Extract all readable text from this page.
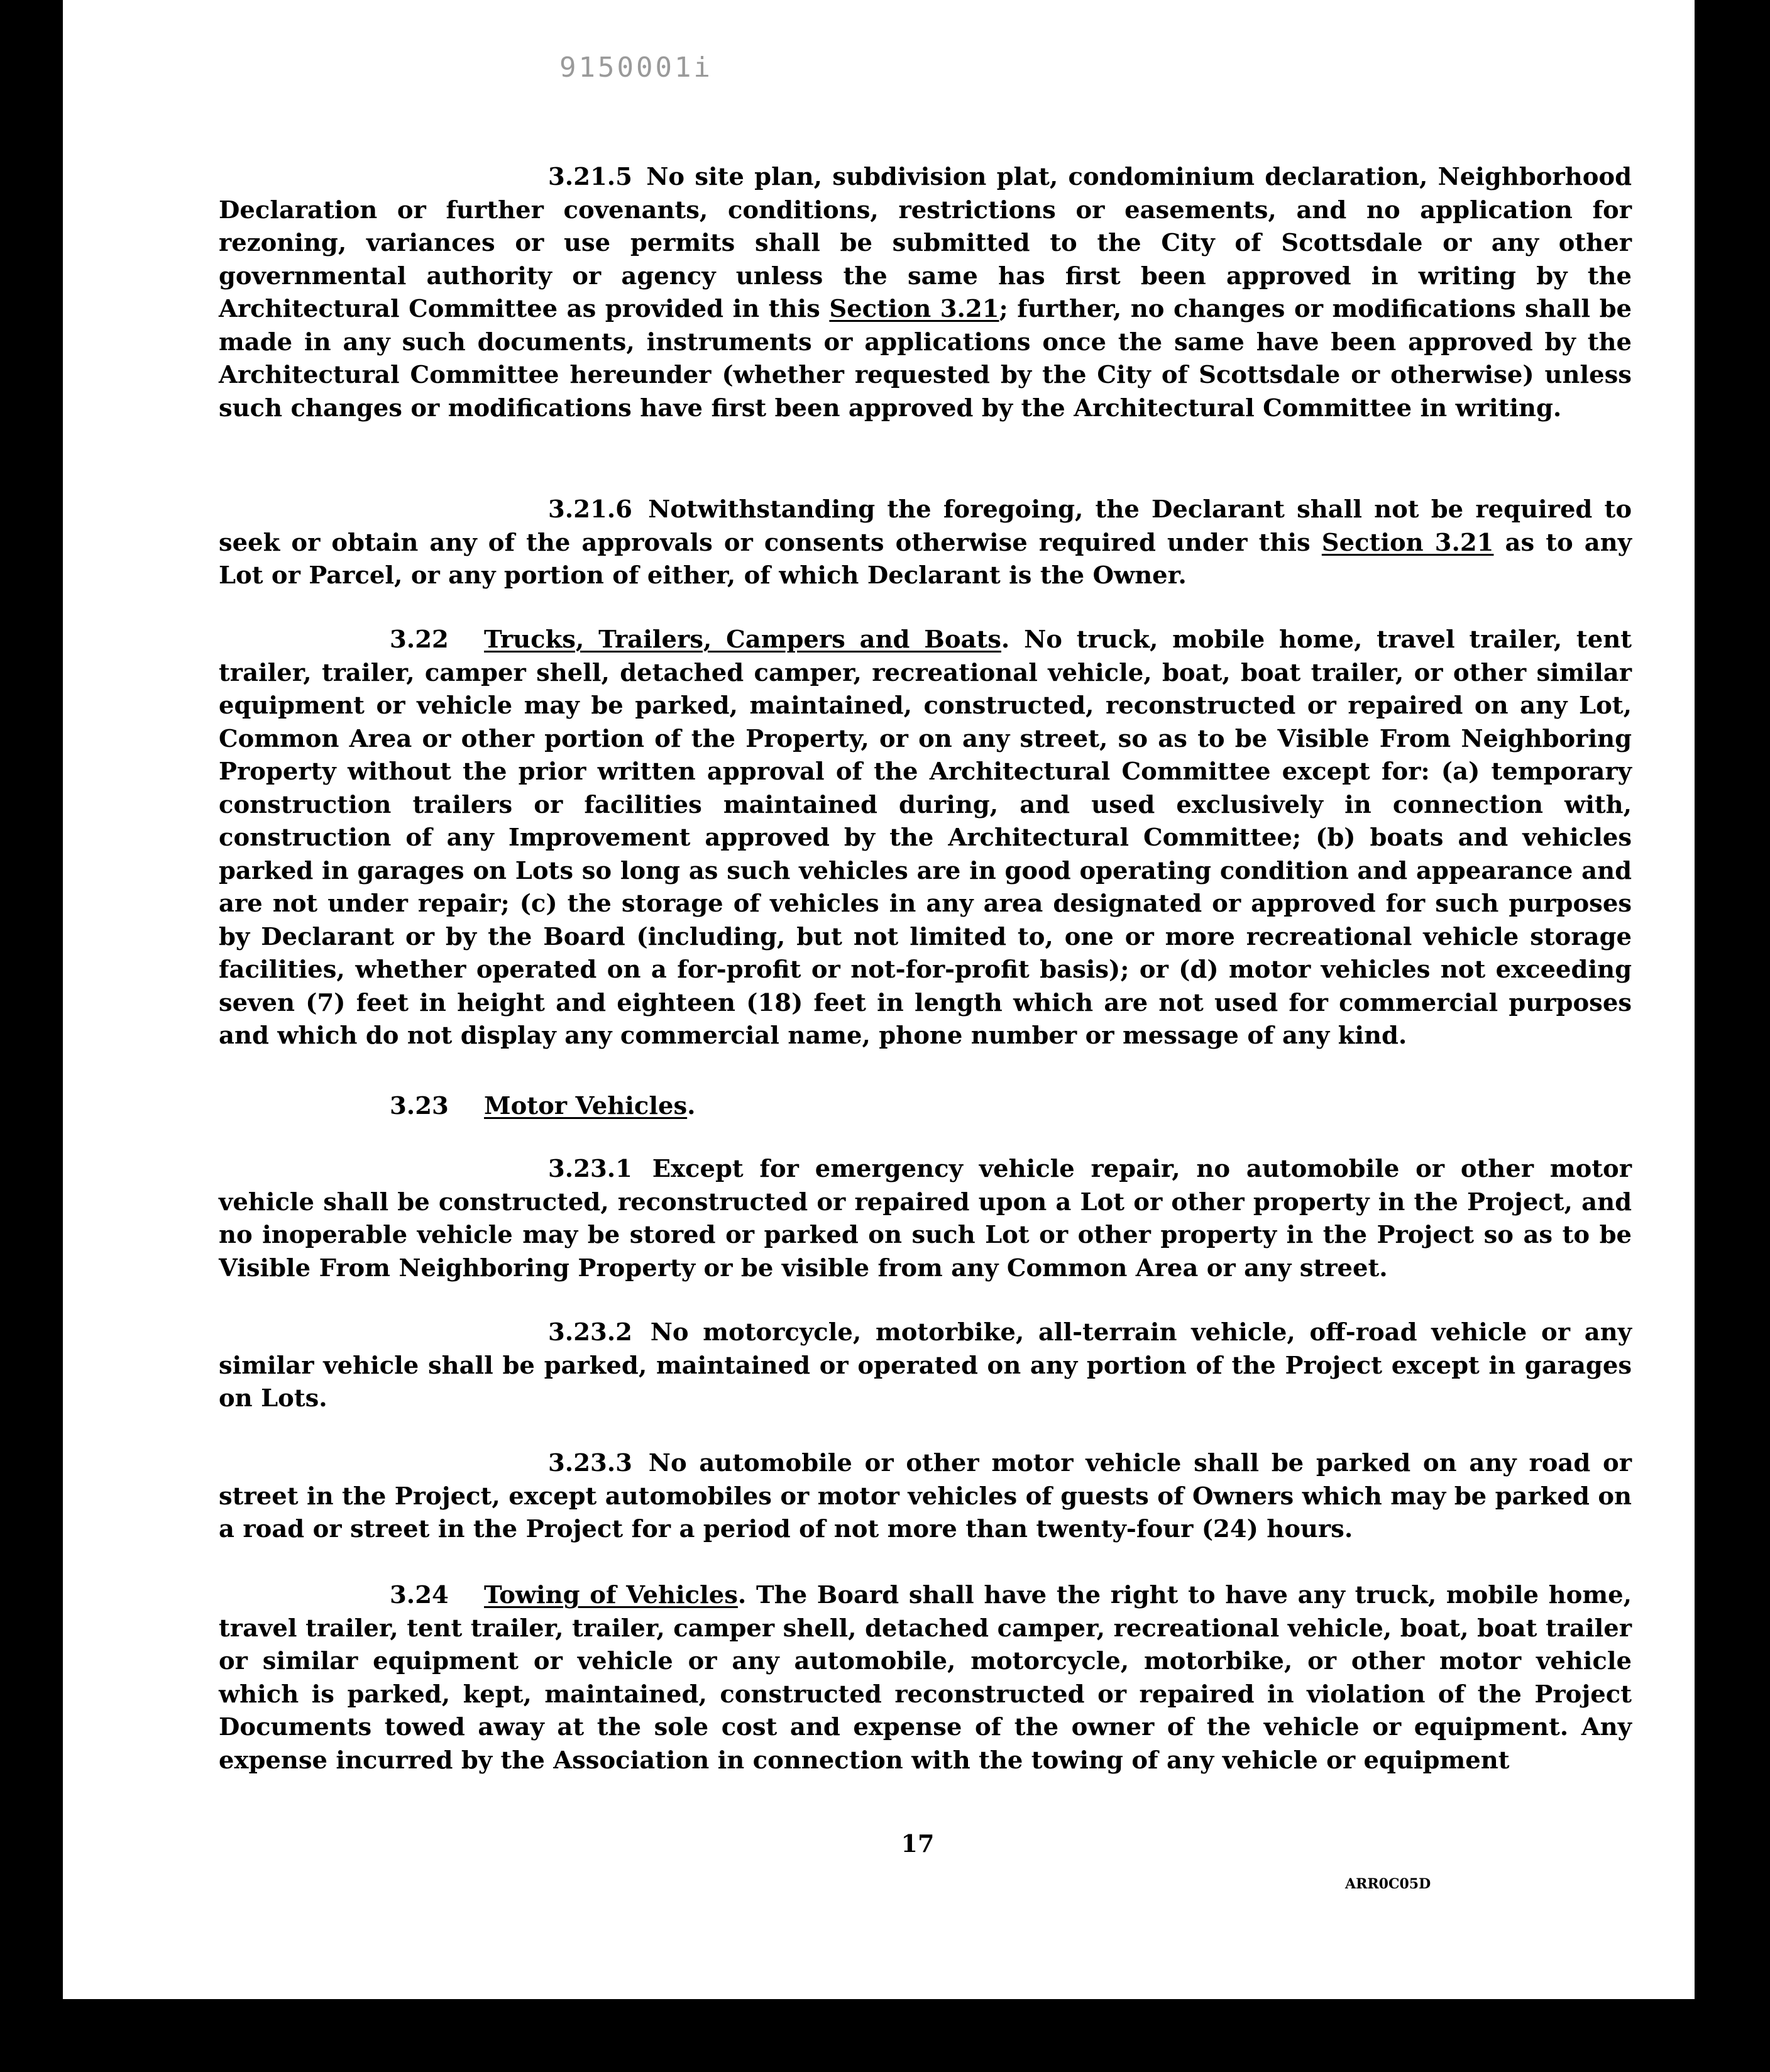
9150001i

3.21.5 No site plan, subdivision plat, condominium declaration, Neighborhood Declaration or further covenants, conditions, restrictions or easements, and no application for rezoning, variances or use permits shall be submitted to the City of Scottsdale or any other governmental authority or agency unless the same has first been approved in writing by the Architectural Committee as provided in this Section 3.21; further, no changes or modifications shall be made in any such documents, instruments or applications once the same have been approved by the Architectural Committee hereunder (whether requested by the City of Scottsdale or otherwise) unless such changes or modifications have first been approved by the Architectural Committee in writing.

3.21.6 Notwithstanding the foregoing, the Declarant shall not be required to seek or obtain any of the approvals or consents otherwise required under this Section 3.21 as to any Lot or Parcel, or any portion of either, of which Declarant is the Owner.

3.22 Trucks, Trailers, Campers and Boats. No truck, mobile home, travel trailer, tent trailer, trailer, camper shell, detached camper, recreational vehicle, boat, boat trailer, or other similar equipment or vehicle may be parked, maintained, constructed, reconstructed or repaired on any Lot, Common Area or other portion of the Property, or on any street, so as to be Visible From Neighboring Property without the prior written approval of the Architectural Committee except for: (a) temporary construction trailers or facilities maintained during, and used exclusively in connection with, construction of any Improvement approved by the Architectural Committee; (b) boats and vehicles parked in garages on Lots so long as such vehicles are in good operating condition and appearance and are not under repair; (c) the storage of vehicles in any area designated or approved for such purposes by Declarant or by the Board (including, but not limited to, one or more recreational vehicle storage facilities, whether operated on a for-profit or not-for-profit basis); or (d) motor vehicles not exceeding seven (7) feet in height and eighteen (18) feet in length which are not used for commercial purposes and which do not display any commercial name, phone number or message of any kind.

3.23 Motor Vehicles.

3.23.1 Except for emergency vehicle repair, no automobile or other motor vehicle shall be constructed, reconstructed or repaired upon a Lot or other property in the Project, and no inoperable vehicle may be stored or parked on such Lot or other property in the Project so as to be Visible From Neighboring Property or be visible from any Common Area or any street.

3.23.2 No motorcycle, motorbike, all-terrain vehicle, off-road vehicle or any similar vehicle shall be parked, maintained or operated on any portion of the Project except in garages on Lots.

3.23.3 No automobile or other motor vehicle shall be parked on any road or street in the Project, except automobiles or motor vehicles of guests of Owners which may be parked on a road or street in the Project for a period of not more than twenty-four (24) hours.

3.24 Towing of Vehicles. The Board shall have the right to have any truck, mobile home, travel trailer, tent trailer, trailer, camper shell, detached camper, recreational vehicle, boat, boat trailer or similar equipment or vehicle or any automobile, motorcycle, motorbike, or other motor vehicle which is parked, kept, maintained, constructed reconstructed or repaired in violation of the Project Documents towed away at the sole cost and expense of the owner of the vehicle or equipment. Any expense incurred by the Association in connection with the towing of any vehicle or equipment

17
ARR0C05D
